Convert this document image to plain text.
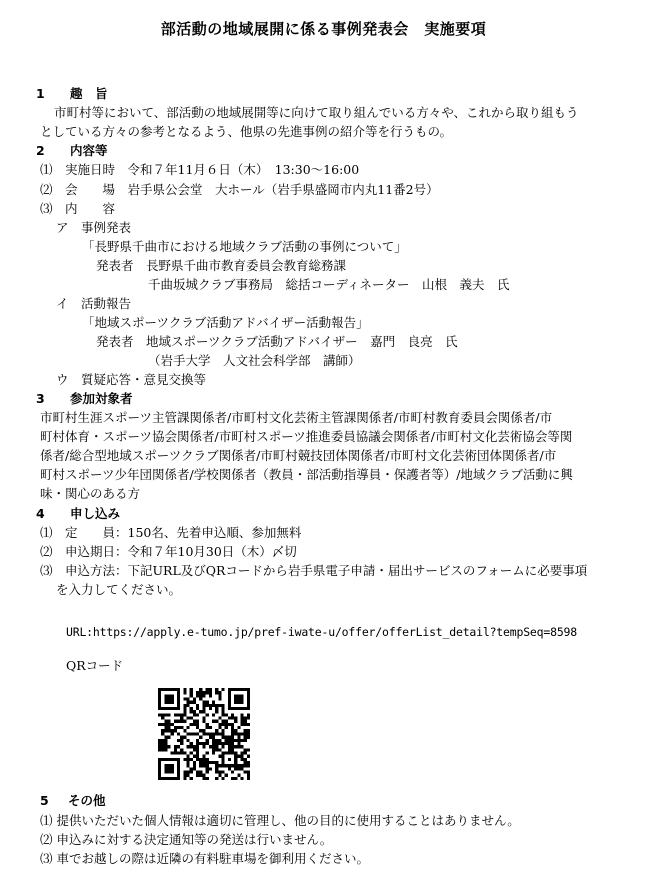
部活動の地域展開に係る事例発表会　実施要項
1 趣　旨
市町村等において、部活動の地域展開等に向けて取り組んでいる方々や、これから取り組もう
としている方々の参考となるよう、他県の先進事例の紹介等を行うもの。
2 内容等
⑴　実施日時　令和７年11月６日（木）　13:30～16:00
⑵　会　　場　岩手県公会堂　大ホール（岩手県盛岡市内丸11番2号）
⑶　内　　容
ア　事例発表
「長野県千曲市における地域クラブ活動の事例について」
発表者　長野県千曲市教育委員会教育総務課
千曲坂城クラブ事務局　総括コーディネーター　山根　義夫　氏
イ　活動報告
「地域スポーツクラブ活動アドバイザー活動報告」
発表者　地域スポーツクラブ活動アドバイザー　嘉門　良亮　氏
（岩手大学　人文社会科学部　講師）
ウ　質疑応答・意見交換等
3 参加対象者
市町村生涯スポーツ主管課関係者/市町村文化芸術主管課関係者/市町村教育委員会関係者/市
町村体育・スポーツ協会関係者/市町村スポーツ推進委員協議会関係者/市町村文化芸術協会等関
係者/総合型地域スポーツクラブ関係者/市町村競技団体関係者/市町村文化芸術団体関係者/市
町村スポーツ少年団関係者/学校関係者（教員・部活動指導員・保護者等）/地域クラブ活動に興
味・関心のある方
4 申し込み
⑴　定　　員：150名、先着申込順、参加無料
⑵　申込期日：令和７年10月30日（木）〆切
⑶　申込方法：下記URL及びQRコードから岩手県電子申請・届出サービスのフォームに必要事項
を入力してください。
URL:https://apply.e-tumo.jp/pref-iwate-u/offer/offerList_detail?tempSeq=8598
QRコード
5 その他
⑴ 提供いただいた個人情報は適切に管理し、他の目的に使用することはありません。
⑵ 申込みに対する決定通知等の発送は行いません。
⑶ 車でお越しの際は近隣の有料駐車場を御利用ください。
